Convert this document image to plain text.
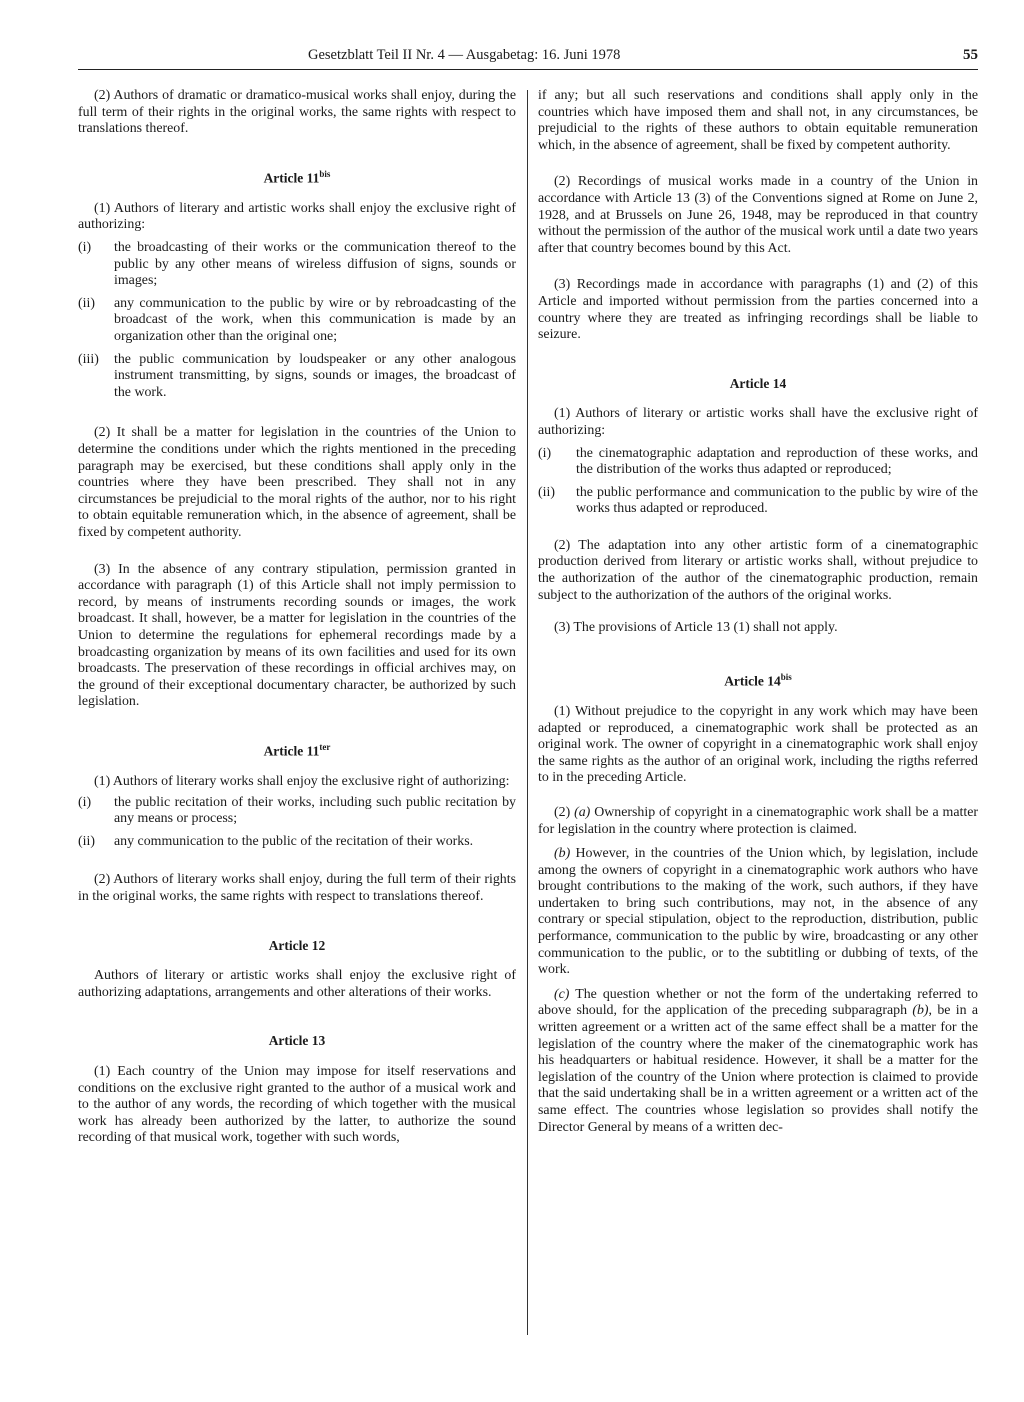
Gesetzblatt Teil II Nr. 4 — Ausgabetag: 16. Juni 1978	55

(2) Authors of dramatic or dramatico-musical works shall enjoy, during the full term of their rights in the original works, the same rights with respect to translations thereof.

Article $11^{bis}$

(1) Authors of literary and artistic works shall enjoy the exclusive right of authorizing:

(i)	the broadcasting of their works or the communication thereof to the public by any other means of wireless diffusion of signs, sounds or images;
(ii)	any communication to the public by wire or by rebroadcasting of the broadcast of the work, when this communication is made by an organization other than the original one;
(iii)	the public communication by loudspeaker or any other analogous instrument transmitting, by signs, sounds or images, the broadcast of the work.

(2) It shall be a matter for legislation in the countries of the Union to determine the conditions under which the rights mentioned in the preceding paragraph may be exercised, but these conditions shall apply only in the countries where they have been prescribed. They shall not in any circumstances be prejudicial to the moral rights of the author, nor to his right to obtain equitable remuneration which, in the absence of agreement, shall be fixed by competent authority.

(3) In the absence of any contrary stipulation, permission granted in accordance with paragraph (1) of this Article shall not imply permission to record, by means of instruments recording sounds or images, the work broadcast. It shall, however, be a matter for legislation in the countries of the Union to determine the regulations for ephemeral recordings made by a broadcasting organization by means of its own facilities and used for its own broadcasts. The preservation of these recordings in official archives may, on the ground of their exceptional documentary character, be authorized by such legislation.

Article $11^{ter}$

(1) Authors of literary works shall enjoy the exclusive right of authorizing:

(i)	the public recitation of their works, including such public recitation by any means or process;
(ii)	any communication to the public of the recitation of their works.

(2) Authors of literary works shall enjoy, during the full term of their rights in the original works, the same rights with respect to translations thereof.

Article 12

Authors of literary or artistic works shall enjoy the exclusive right of authorizing adaptations, arrangements and other alterations of their works.

Article 13

(1) Each country of the Union may impose for itself reservations and conditions on the exclusive right granted to the author of a musical work and to the author of any words, the recording of which together with the musical work has already been authorized by the latter, to authorize the sound recording of that musical work, together with such words,

if any; but all such reservations and conditions shall apply only in the countries which have imposed them and shall not, in any circumstances, be prejudicial to the rights of these authors to obtain equitable remuneration which, in the absence of agreement, shall be fixed by competent authority.

(2) Recordings of musical works made in a country of the Union in accordance with Article 13 (3) of the Conventions signed at Rome on June 2, 1928, and at Brussels on June 26, 1948, may be reproduced in that country without the permission of the author of the musical work until a date two years after that country becomes bound by this Act.

(3) Recordings made in accordance with paragraphs (1) and (2) of this Article and imported without permission from the parties concerned into a country where they are treated as infringing recordings shall be liable to seizure.

Article 14

(1) Authors of literary or artistic works shall have the exclusive right of authorizing:

(i)	the cinematographic adaptation and reproduction of these works, and the distribution of the works thus adapted or reproduced;
(ii)	the public performance and communication to the public by wire of the works thus adapted or reproduced.

(2) The adaptation into any other artistic form of a cinematographic production derived from literary or artistic works shall, without prejudice to the authorization of the author of the cinematographic production, remain subject to the authorization of the authors of the original works.

(3) The provisions of Article 13 (1) shall not apply.

Article $14^{bis}$

(1) Without prejudice to the copyright in any work which may have been adapted or reproduced, a cinematographic work shall be protected as an original work. The owner of copyright in a cinematographic work shall enjoy the same rights as the author of an original work, including the rigths referred to in the preceding Article.

(2) (a) Ownership of copyright in a cinematographic work shall be a matter for legislation in the country where protection is claimed.

(b) However, in the countries of the Union which, by legislation, include among the owners of copyright in a cinematographic work authors who have brought contributions to the making of the work, such authors, if they have undertaken to bring such contributions, may not, in the absence of any contrary or special stipulation, object to the reproduction, distribution, public performance, communication to the public by wire, broadcasting or any other communication to the public, or to the subtitling or dubbing of texts, of the work.

(c) The question whether or not the form of the undertaking referred to above should, for the application of the preceding subparagraph (b), be in a written agreement or a written act of the same effect shall be a matter for the legislation of the country where the maker of the cinematographic work has his headquarters or habitual residence. However, it shall be a matter for the legislation of the country of the Union where protection is claimed to provide that the said undertaking shall be in a written agreement or a written act of the same effect. The countries whose legislation so provides shall notify the Director General by means of a written dec-
